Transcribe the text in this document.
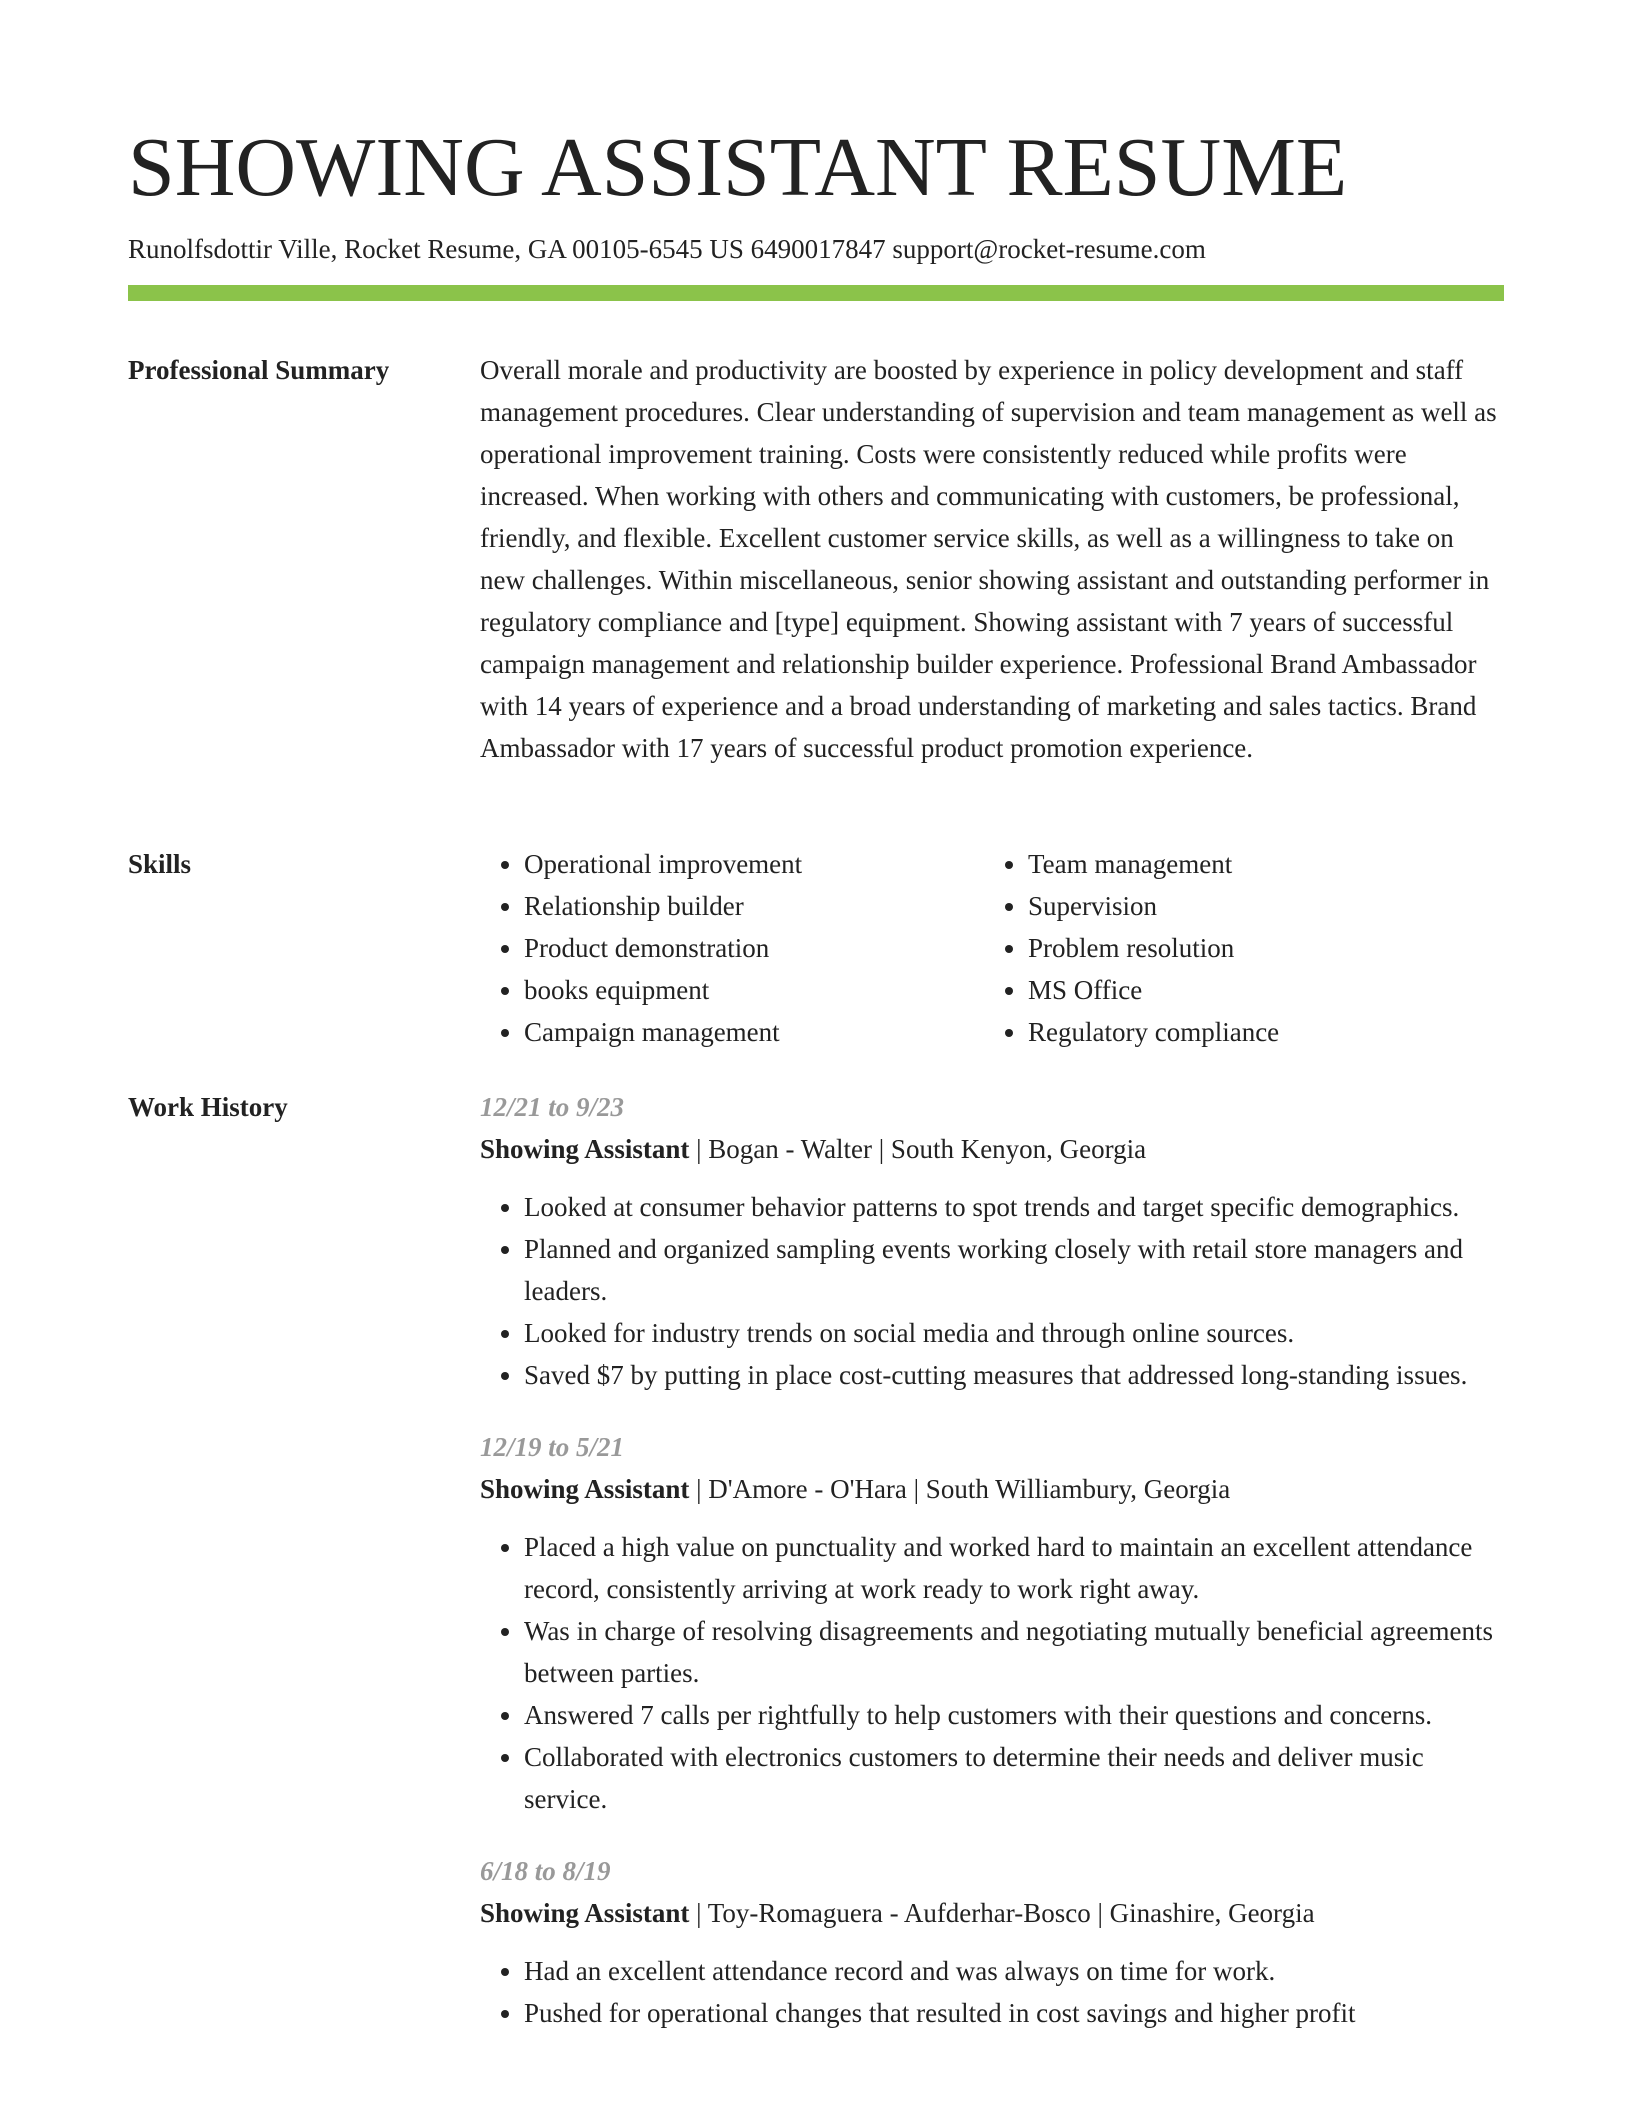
SHOWING ASSISTANT RESUME
Runolfsdottir Ville, Rocket Resume, GA 00105-6545 US 6490017847 support@rocket-resume.com
Professional Summary	Overall morale and productivity are boosted by experience in policy development and staff management procedures. Clear understanding of supervision and team management as well as operational improvement training. Costs were consistently reduced while profits were increased. When working with others and communicating with customers, be professional, friendly, and flexible. Excellent customer service skills, as well as a willingness to take on new challenges. Within miscellaneous, senior showing assistant and outstanding performer in regulatory compliance and [type] equipment. Showing assistant with 7 years of successful campaign management and relationship builder experience. Professional Brand Ambassador with 14 years of experience and a broad understanding of marketing and sales tactics. Brand Ambassador with 17 years of successful product promotion experience.

Skills
•	Operational improvement
• Relationship builder
• Product demonstration
• books equipment
• Campaign management
• Team management
• Supervision
• Problem resolution
• MS Office
• Regulatory compliance
Work History	12/21 to 9/23
Showing Assistant | Bogan - Walter | South Kenyon, Georgia
• Looked at consumer behavior patterns to spot trends and target specific demographics.
• Planned and organized sampling events working closely with retail store managers and leaders.
• Looked for industry trends on social media and through online sources.
• Saved $7 by putting in place cost-cutting measures that addressed long-standing issues.
12/19 to 5/21
Showing Assistant | D'Amore - O'Hara | South Williambury, Georgia
• Placed a high value on punctuality and worked hard to maintain an excellent attendance record, consistently arriving at work ready to work right away.
• Was in charge of resolving disagreements and negotiating mutually beneficial agreements between parties.
• Answered 7 calls per rightfully to help customers with their questions and concerns.
• Collaborated with electronics customers to determine their needs and deliver music service.
6/18 to 8/19
Showing Assistant | Toy-Romaguera - Aufderhar-Bosco | Ginashire, Georgia
• Had an excellent attendance record and was always on time for work.
• Pushed for operational changes that resulted in cost savings and higher profit
